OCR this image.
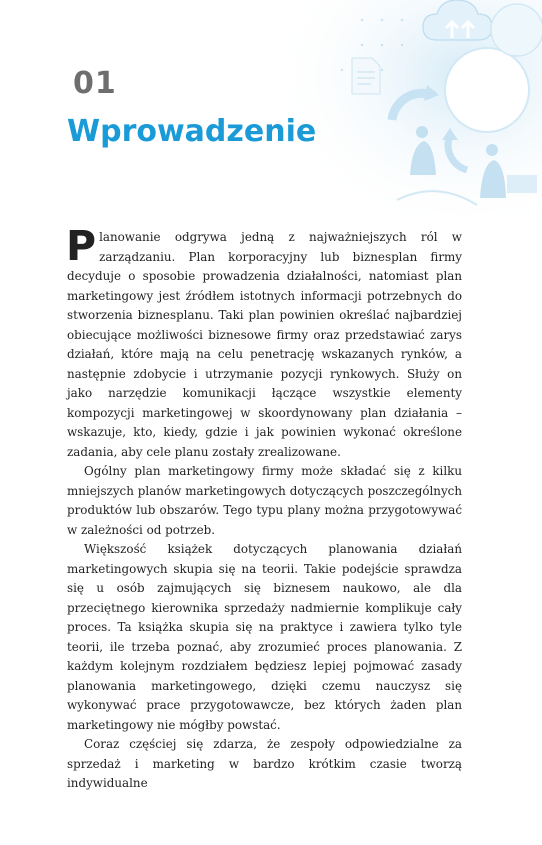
01
Wprowadzenie

Planowanie odgrywa jedną z najważniejszych ról w zarządzaniu. Plan korporacyjny lub biznesplan firmy decyduje o sposobie prowadzenia działalności, natomiast plan marketingowy jest źródłem istotnych informacji potrzebnych do stworzenia biznesplanu. Taki plan powinien określać najbardziej obiecujące możliwości biznesowe firmy oraz przedstawiać zarys działań, które mają na celu penetrację wskazanych rynków, a następnie zdobycie i utrzymanie pozycji rynkowych. Służy on jako narzędzie komunikacji łączące wszystkie elementy kompozycji marketingowej w skoordynowany plan działania – wskazuje, kto, kiedy, gdzie i jak powinien wykonać określone zadania, aby cele planu zostały zrealizowane.

Ogólny plan marketingowy firmy może składać się z kilku mniejszych planów marketingowych dotyczących poszczególnych produktów lub obszarów. Tego typu plany można przygotowywać w zależności od potrzeb.

Większość książek dotyczących planowania działań marketingowych skupia się na teorii. Takie podejście sprawdza się u osób zajmujących się biznesem naukowo, ale dla przeciętnego kierownika sprzedaży nadmiernie komplikuje cały proces. Ta książka skupia się na praktyce i zawiera tylko tyle teorii, ile trzeba poznać, aby zrozumieć proces planowania. Z każdym kolejnym rozdziałem będziesz lepiej pojmować zasady planowania marketingowego, dzięki czemu nauczysz się wykonywać prace przygotowawcze, bez których żaden plan marketingowy nie mógłby powstać.

Coraz częściej się zdarza, że zespoły odpowiedzialne za sprzedaż i marketing w bardzo krótkim czasie tworzą indywidualne
